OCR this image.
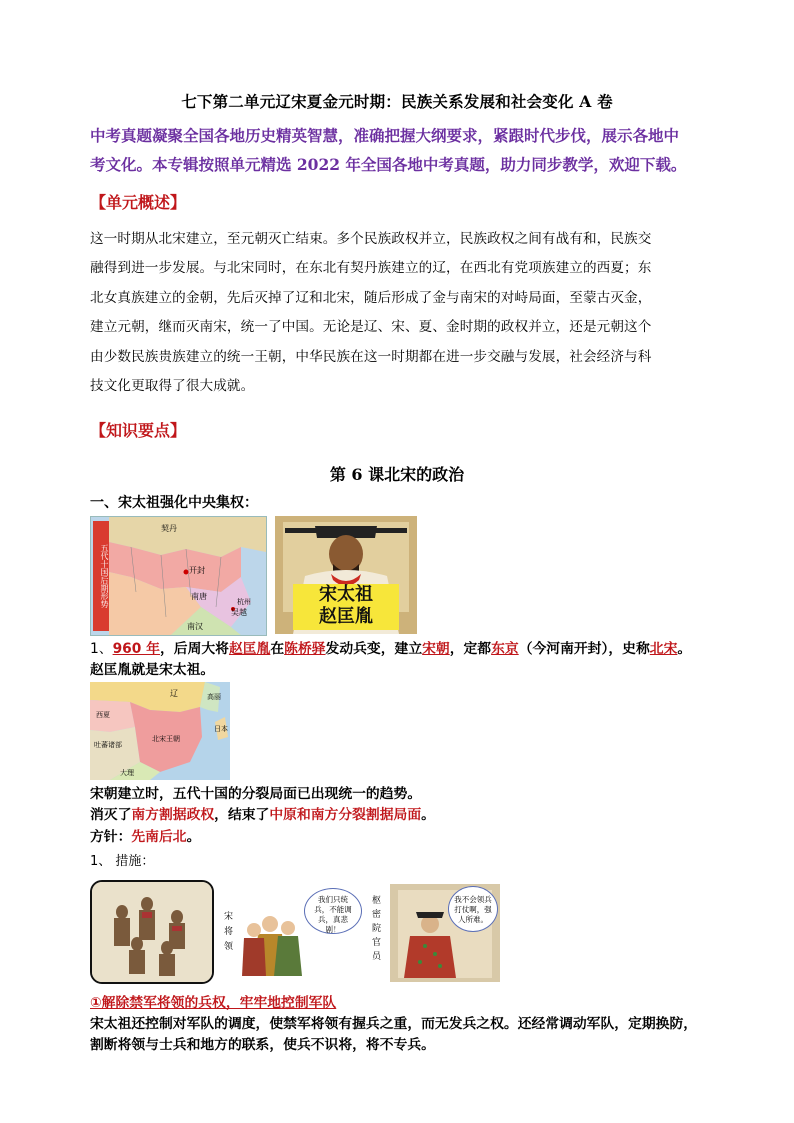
七下第二单元辽宋夏金元时期：民族关系发展和社会变化 A 卷
中考真题凝聚全国各地历史精英智慧，准确把握大纲要求，紧跟时代步伐，展示各地中
考文化。本专辑按照单元精选 2022 年全国各地中考真题，助力同步教学，欢迎下载。
【单元概述】
这一时期从北宋建立，至元朝灭亡结束。多个民族政权并立，民族政权之间有战有和，民族交
融得到进一步发展。与北宋同时，在东北有契丹族建立的辽，在西北有党项族建立的西夏；东
北女真族建立的金朝，先后灭掉了辽和北宋，随后形成了金与南宋的对峙局面，至蒙古灭金，
建立元朝，继而灭南宋，统一了中国。无论是辽、宋、夏、金时期的政权并立，还是元朝这个
由少数民族贵族建立的统一王朝，中华民族在这一时期都在进一步交融与发展，社会经济与科
技文化更取得了很大成就。
【知识要点】
第 6 课北宋的政治
一、宋太祖强化中央集权：
五代十国后期形势
契丹
开封
南唐
吴越
南汉
杭州	宋太祖
赵匡胤
1、960 年，后周大将赵匡胤在陈桥驿发动兵变，建立宋朝，定都东京（今河南开封），史称北宋。
赵匡胤就是宋太祖。
辽
西夏
吐蕃诸部
北宋王朝
大理
高丽
日本
宋朝建立时，五代十国的分裂局面已出现统一的趋势。
消灭了南方割据政权，结束了中原和南方分裂割据局面。
方针：先南后北。
1、 措施：
我们只统兵，不能调兵，真悲剧！
宋将领
枢密院官员
我不会领兵打仗啊，强人所难。
①解除禁军将领的兵权，牢牢地控制军队
宋太祖还控制对军队的调度，使禁军将领有握兵之重，而无发兵之权。还经常调动军队，定期换防，
割断将领与士兵和地方的联系，使兵不识将，将不专兵。
